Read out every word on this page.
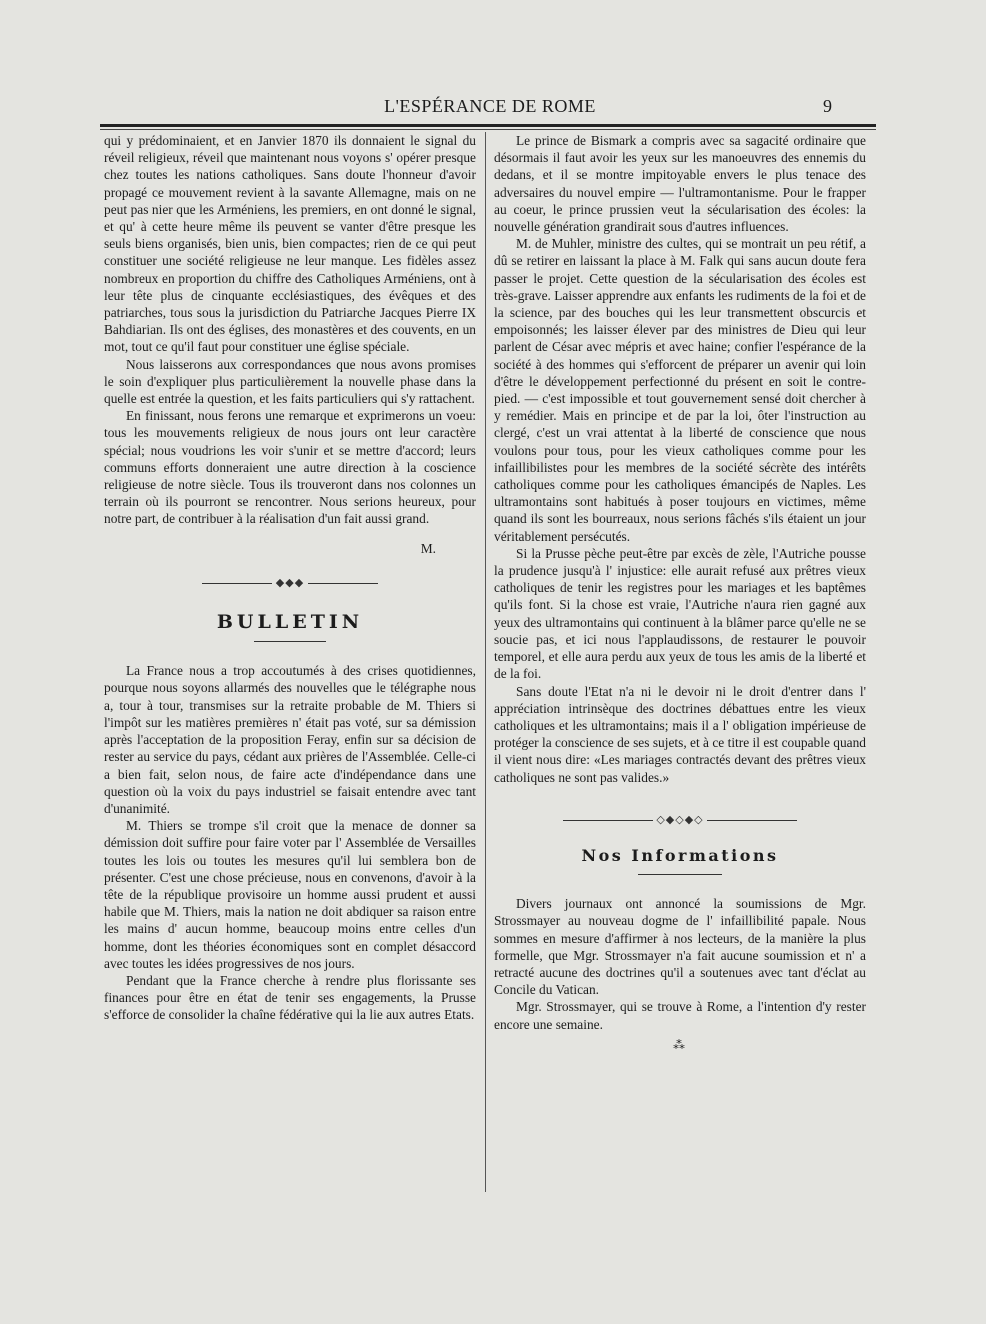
L'ESPÉRANCE DE ROME	9

qui y prédominaient, et en Janvier 1870 ils donnaient le signal du réveil religieux, réveil que maintenant nous voyons s' opérer presque chez toutes les nations catholiques. Sans doute l'honneur d'avoir propagé ce mouvement revient à la savante Allemagne, mais on ne peut pas nier que les Arméniens, les premiers, en ont donné le signal, et qu' à cette heure même ils peuvent se vanter d'être presque les seuls biens organisés, bien unis, bien compactes; rien de ce qui peut constituer une société religieuse ne leur manque. Les fidèles assez nombreux en proportion du chiffre des Catholiques Arméniens, ont à leur tête plus de cinquante ecclésiastiques, des évêques et des patriarches, tous sous la jurisdiction du Patriarche Jacques Pierre IX Bahdiarian. Ils ont des églises, des monastères et des couvents, en un mot, tout ce qu'il faut pour constituer une église spéciale.

Nous laisserons aux correspondances que nous avons promises le soin d'expliquer plus particulièrement la nouvelle phase dans la quelle est entrée la question, et les faits particuliers qui s'y rattachent.

En finissant, nous ferons une remarque et exprimerons un voeu: tous les mouvements religieux de nous jours ont leur caractère spécial; nous voudrions les voir s'unir et se mettre d'accord; leurs communs efforts donneraient une autre direction à la coscience religieuse de notre siècle. Tous ils trouveront dans nos colonnes un terrain où ils pourront se rencontrer. Nous serions heureux, pour notre part, de contribuer à la réalisation d'un fait aussi grand.

M.

◆◆◆
BULLETIN

La France nous a trop accoutumés à des crises quotidiennes, pourque nous soyons allarmés des nouvelles que le télégraphe nous a, tour à tour, transmises sur la retraite probable de M. Thiers si l'impôt sur les matières premières n' était pas voté, sur sa démission après l'acceptation de la proposition Feray, enfin sur sa décision de rester au service du pays, cédant aux prières de l'Assemblée. Celle-ci a bien fait, selon nous, de faire acte d'indépendance dans une question où la voix du pays industriel se faisait entendre avec tant d'unanimité.

M. Thiers se trompe s'il croit que la menace de donner sa démission doit suffire pour faire voter par l' Assemblée de Versailles toutes les lois ou toutes les mesures qu'il lui semblera bon de présenter. C'est une chose précieuse, nous en convenons, d'avoir à la tête de la république provisoire un homme aussi prudent et aussi habile que M. Thiers, mais la nation ne doit abdiquer sa raison entre les mains d' aucun homme, beaucoup moins entre celles d'un homme, dont les théories économiques sont en complet désaccord avec toutes les idées progressives de nos jours.

Pendant que la France cherche à rendre plus florissante ses finances pour être en état de tenir ses engagements, la Prusse s'efforce de consolider la chaîne fédérative qui la lie aux autres Etats.

Le prince de Bismark a compris avec sa sagacité ordinaire que désormais il faut avoir les yeux sur les manoeuvres des ennemis du dedans, et il se montre impitoyable envers le plus tenace des adversaires du nouvel empire — l'ultramontanisme. Pour le frapper au coeur, le prince prussien veut la sécularisation des écoles: la nouvelle génération grandirait sous d'autres influences.

M. de Muhler, ministre des cultes, qui se montrait un peu rétif, a dû se retirer en laissant la place à M. Falk qui sans aucun doute fera passer le projet. Cette question de la sécularisation des écoles est très-grave. Laisser apprendre aux enfants les rudiments de la foi et de la science, par des bouches qui les leur transmettent obscurcis et empoisonnés; les laisser élever par des ministres de Dieu qui leur parlent de César avec mépris et avec haine; confier l'espérance de la société à des hommes qui s'efforcent de préparer un avenir qui loin d'être le développement perfectionné du présent en soit le contre-pied. — c'est impossible et tout gouvernement sensé doit chercher à y remédier. Mais en principe et de par la loi, ôter l'instruction au clergé, c'est un vrai attentat à la liberté de conscience que nous voulons pour tous, pour les vieux catholiques comme pour les infaillibilistes pour les membres de la société sécrète des intérêts catholiques comme pour les catholiques émancipés de Naples. Les ultramontains sont habitués à poser toujours en victimes, même quand ils sont les bourreaux, nous serions fâchés s'ils étaient un jour véritablement persécutés.

Si la Prusse pèche peut-être par excès de zèle, l'Autriche pousse la prudence jusqu'à l' injustice: elle aurait refusé aux prêtres vieux catholiques de tenir les registres pour les mariages et les baptêmes qu'ils font. Si la chose est vraie, l'Autriche n'aura rien gagné aux yeux des ultramontains qui continuent à la blâmer parce qu'elle ne se soucie pas, et ici nous l'applaudissons, de restaurer le pouvoir temporel, et elle aura perdu aux yeux de tous les amis de la liberté et de la foi.

Sans doute l'Etat n'a ni le devoir ni le droit d'entrer dans l' appréciation intrinsèque des doctrines débattues entre les vieux catholiques et les ultramontains; mais il a l' obligation impérieuse de protéger la conscience de ses sujets, et à ce titre il est coupable quand il vient nous dire: «Les mariages contractés devant des prêtres vieux catholiques ne sont pas valides.»

◇◆◇◆◇
Nos Informations

Divers journaux ont annoncé la soumissions de Mgr. Strossmayer au nouveau dogme de l' infaillibilité papale. Nous sommes en mesure d'affirmer à nos lecteurs, de la manière la plus formelle, que Mgr. Strossmayer n'a fait aucune soumission et n' a retracté aucune des doctrines qu'il a soutenues avec tant d'éclat au Concile du Vatican.

Mgr. Strossmayer, qui se trouve à Rome, a l'intention d'y rester encore une semaine.

⁂
